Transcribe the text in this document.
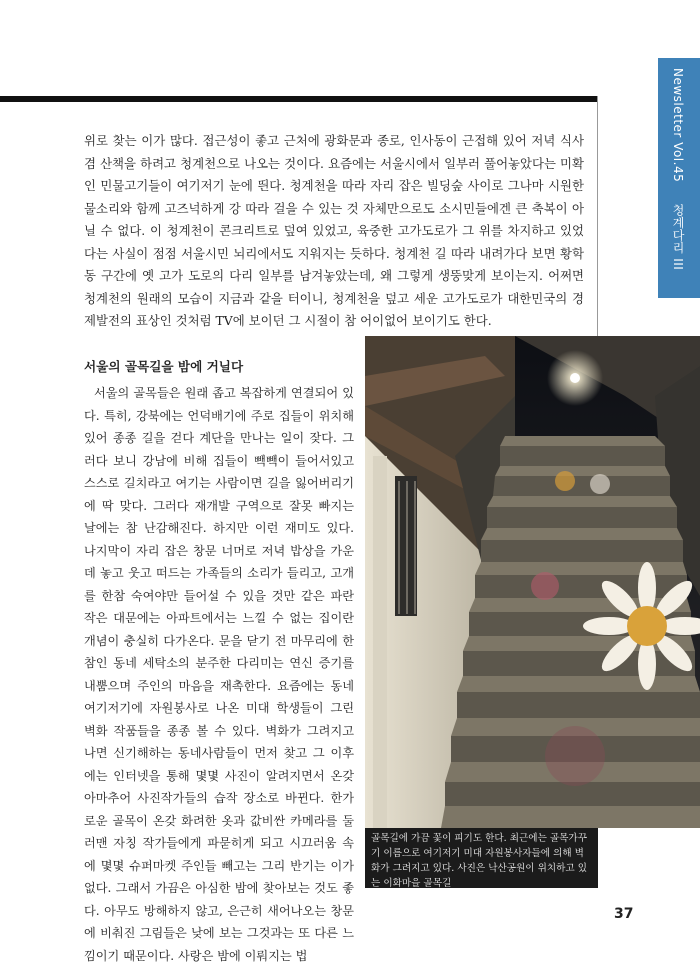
Newsletter Vol.45  청계다리 III

위로 찾는 이가 많다. 접근성이 좋고 근처에 광화문과 종로, 인사동이 근접해 있어 저녁 식사 겸 산책을 하려고 청계천으로 나오는 것이다. 요즘에는 서울시에서 일부러 풀어놓았다는 미확인 민물고기들이 여기저기 눈에 띈다. 청계천을 따라 자리 잡은 빌딩숲 사이로 그나마 시원한 물소리와 함께 고즈넉하게 강 따라 걸을 수 있는 것 자체만으로도 소시민들에겐 큰 축복이 아닐 수 없다. 이 청계천이 콘크리트로 덮여 있었고, 육중한 고가도로가 그 위를 차지하고 있었다는 사실이 점점 서울시민 뇌리에서도 지워지는 듯하다. 청계천 길 따라 내려가다 보면 황학동 구간에 옛 고가 도로의 다리 일부를 남겨놓았는데, 왜 그렇게 생뚱맞게 보이는지. 어쩌면 청계천의 원래의 모습이 지금과 같을 터이니, 청계천을 덮고 세운 고가도로가 대한민국의 경제발전의 표상인 것처럼 TV에 보이던 그 시절이 참 어이없어 보이기도 한다.

서울의 골목길을 밤에 거닐다

서울의 골목들은 원래 좁고 복잡하게 연결되어 있다. 특히, 강북에는 언덕배기에 주로 집들이 위치해 있어 종종 길을 걷다 계단을 만나는 일이 잦다. 그러다 보니 강남에 비해 집들이 빽빽이 들어서있고 스스로 길치라고 여기는 사람이면 길을 잃어버리기에 딱 맞다. 그러다 재개발 구역으로 잘못 빠지는 날에는 참 난감해진다. 하지만 이런 재미도 있다. 나지막이 자리 잡은 창문 너머로 저녁 밥상을 가운데 놓고 웃고 떠드는 가족들의 소리가 들리고, 고개를 한참 숙여야만 들어설 수 있을 것만 같은 파란 작은 대문에는 아파트에서는 느낄 수 없는 집이란 개념이 충실히 다가온다. 문을 닫기 전 마무리에 한참인 동네 세탁소의 분주한 다리미는 연신 증기를 내뿜으며 주인의 마음을 재촉한다. 요즘에는 동네 여기저기에 자원봉사로 나온 미대 학생들이 그린 벽화 작품들을 종종 볼 수 있다. 벽화가 그려지고 나면 신기해하는 동네사람들이 먼저 찾고 그 이후에는 인터넷을 통해 몇몇 사진이 알려지면서 온갖 아마추어 사진작가들의 습작 장소로 바뀐다. 한가로운 골목이 온갖 화려한 옷과 값비싼 카메라를 둘러맨 자칭 작가들에게 파묻히게 되고 시끄러움 속에 몇몇 슈퍼마켓 주인들 빼고는 그리 반기는 이가 없다. 그래서 가끔은 아심한 밤에 찾아보는 것도 좋다. 아무도 방해하지 않고, 은근히 새어나오는 창문에 비춰진 그림들은 낮에 보는 그것과는 또 다른 느낌이기 때문이다. 사랑은 밤에 이뤄지는 법

골목길에 가끔 꽃이 피기도 한다. 최근에는 골목가꾸기 이름으로 여기저기 미대 자원봉사자들에 의해 벽화가 그려지고 있다. 사진은 낙산공원이 위치하고 있는 이화마을 골목길
37
